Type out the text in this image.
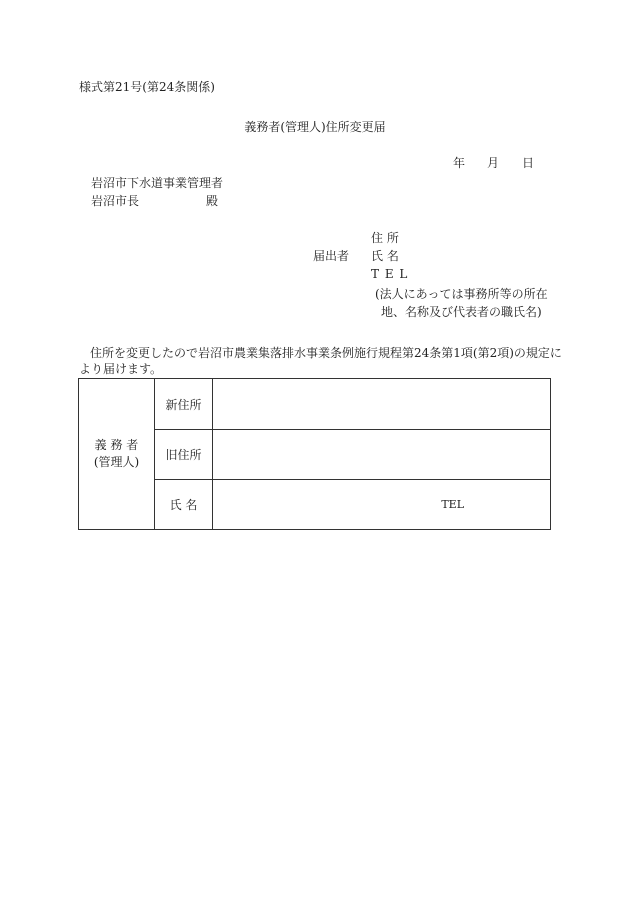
様式第21号(第24条関係)
義務者(管理人)住所変更届
年 月 日
岩沼市下水道事業管理者
岩沼市長	殿
住 所
届出者 氏 名
T E L
(法人にあっては事務所等の所在
地、名称及び代表者の職氏名)
住所を変更したので岩沼市農業集落排水事業条例施行規程第24条第1項(第2項)の規定に
より届けます。
義 務 者
(管理人)	新住所	
	旧住所	
	氏 名	TEL
